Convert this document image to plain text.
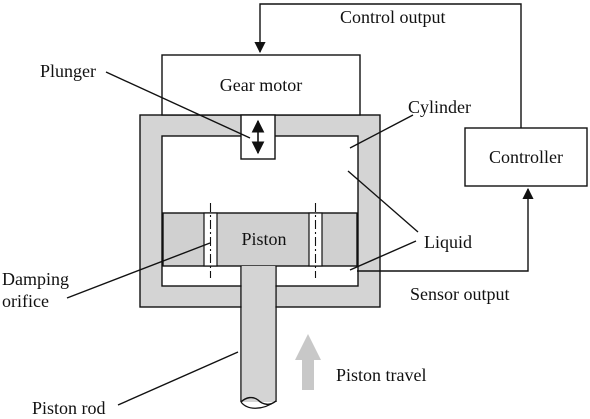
Gear motor
Controller
Control output
Sensor output
Piston
Plunger
Cylinder
Liquid
Damping
orifice
Piston rod
Piston travel
